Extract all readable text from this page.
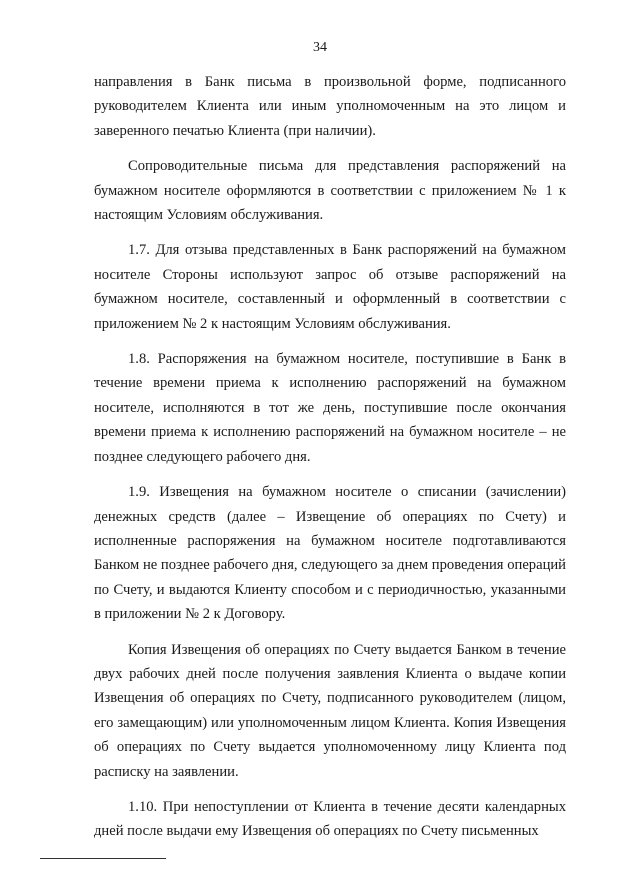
34

направления в Банк письма в произвольной форме, подписанного руководителем Клиента или иным уполномоченным на это лицом и заверенного печатью Клиента (при наличии).

Сопроводительные письма для представления распоряжений на бумажном носителе оформляются в соответствии с приложением № 1 к настоящим Условиям обслуживания.

1.7. Для отзыва представленных в Банк распоряжений на бумажном носителе Стороны используют запрос об отзыве распоряжений на бумажном носителе, составленный и оформленный в соответствии с приложением № 2 к настоящим Условиям обслуживания.

1.8. Распоряжения на бумажном носителе, поступившие в Банк в течение времени приема к исполнению распоряжений на бумажном носителе, исполняются в тот же день, поступившие после окончания времени приема к исполнению распоряжений на бумажном носителе – не позднее следующего рабочего дня.

1.9. Извещения на бумажном носителе о списании (зачислении) денежных средств (далее – Извещение об операциях по Счету) и исполненные распоряжения на бумажном носителе подготавливаются Банком не позднее рабочего дня, следующего за днем проведения операций по Счету, и выдаются Клиенту способом и с периодичностью, указанными в приложении № 2 к Договору.

Копия Извещения об операциях по Счету выдается Банком в течение двух рабочих дней после получения заявления Клиента о выдаче копии Извещения об операциях по Счету, подписанного руководителем (лицом, его замещающим) или уполномоченным лицом Клиента. Копия Извещения об операциях по Счету выдается уполномоченному лицу Клиента под расписку на заявлении.

1.10. При непоступлении от Клиента в течение десяти календарных дней после выдачи ему Извещения об операциях по Счету письменных
